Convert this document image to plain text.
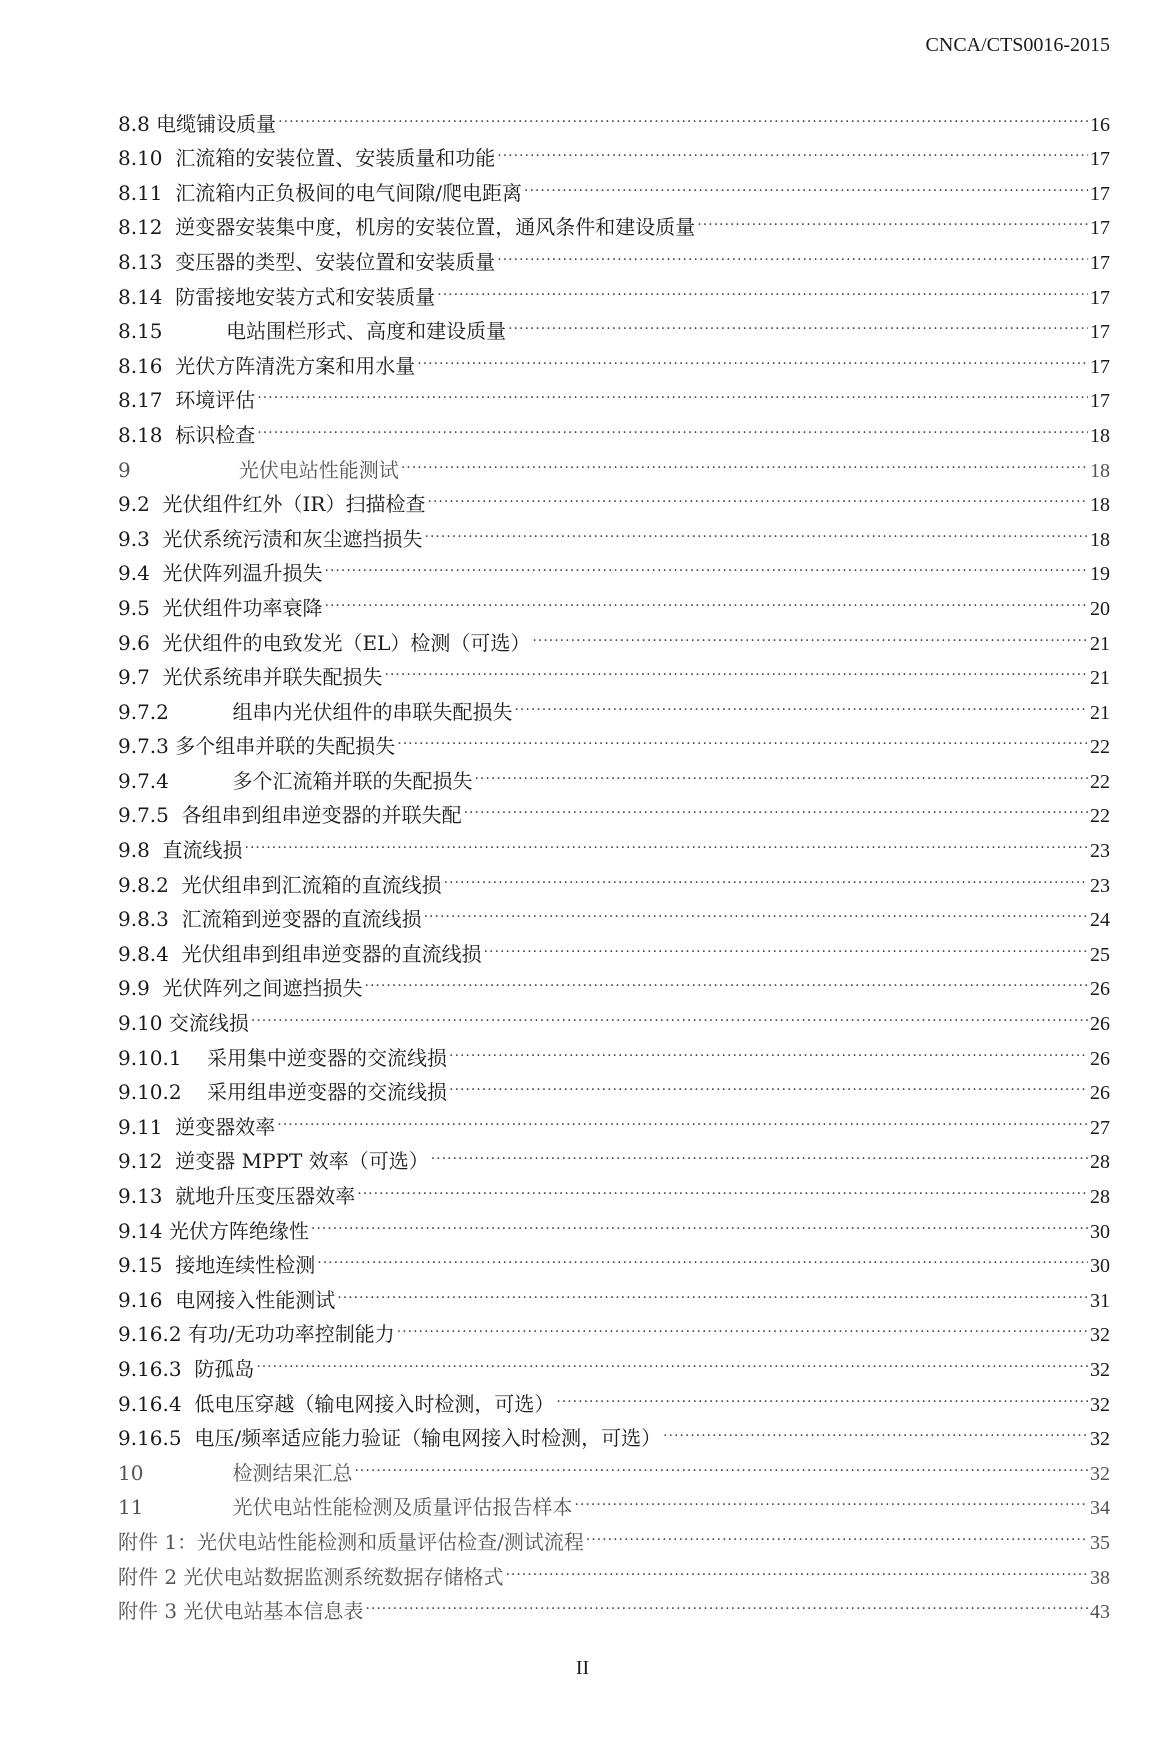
CNCA/CTS0016-2015
8.8 电缆铺设质量 .....	16
8.10 汇流箱的安装位置、安装质量和功能 .....	17
8.11 汇流箱内正负极间的电气间隙/爬电距离 .....	17
8.12 逆变器安装集中度，机房的安装位置，通风条件和建设质量 .....	17
8.13 变压器的类型、安装位置和安装质量 .....	17
8.14 防雷接地安装方式和安装质量 .....	17
8.15 电站围栏形式、高度和建设质量 .....	17
8.16 光伏方阵清洗方案和用水量 .....	17
8.17 环境评估 .....	17
8.18 标识检查 .....	18
9 光伏电站性能测试 .....	18
9.2 光伏组件红外（IR）扫描检查 .....	18
9.3 光伏系统污渍和灰尘遮挡损失 .....	18
9.4 光伏阵列温升损失 .....	19
9.5 光伏组件功率衰降 .....	20
9.6 光伏组件的电致发光（EL）检测（可选） .....	21
9.7 光伏系统串并联失配损失 .....	21
9.7.2 组串内光伏组件的串联失配损失 .....	21
9.7.3 多个组串并联的失配损失 .....	22
9.7.4 多个汇流箱并联的失配损失 .....	22
9.7.5 各组串到组串逆变器的并联失配 .....	22
9.8 直流线损 .....	23
9.8.2 光伏组串到汇流箱的直流线损 .....	23
9.8.3 汇流箱到逆变器的直流线损 .....	24
9.8.4 光伏组串到组串逆变器的直流线损 .....	25
9.9 光伏阵列之间遮挡损失 .....	26
9.10 交流线损 .....	26
9.10.1 采用集中逆变器的交流线损 .....	26
9.10.2 采用组串逆变器的交流线损 .....	26
9.11 逆变器效率 .....	27
9.12 逆变器 MPPT 效率（可选） .....	28
9.13 就地升压变压器效率 .....	28
9.14 光伏方阵绝缘性 .....	30
9.15 接地连续性检测 .....	30
9.16 电网接入性能测试 .....	31
9.16.2 有功/无功功率控制能力 .....	32
9.16.3 防孤岛 .....	32
9.16.4 低电压穿越（输电网接入时检测，可选） .....	32
9.16.5 电压/频率适应能力验证（输电网接入时检测，可选） .....	32
10 检测结果汇总 .....	32
11 光伏电站性能检测及质量评估报告样本 .....	34
附件 1：光伏电站性能检测和质量评估检查/测试流程 .....	35
附件 2 光伏电站数据监测系统数据存储格式 .....	38
附件 3 光伏电站基本信息表 .....	43
II
